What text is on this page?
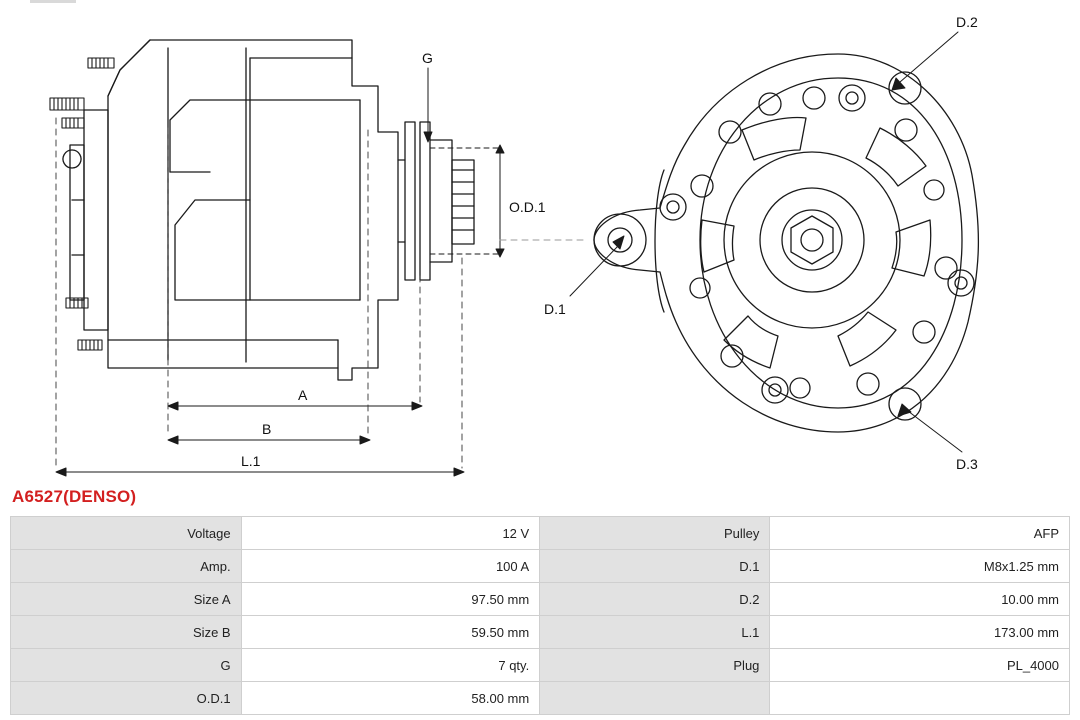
G
O.D.1
A
B
L.1
D.1
D.2
D.3
A6527(DENSO)
Voltage	12 V	Pulley	AFP
Amp.	100 A	D.1	M8x1.25 mm
Size A	97.50 mm	D.2	10.00 mm
Size B	59.50 mm	L.1	173.00 mm
G	7 qty.	Plug	PL_4000
O.D.1	58.00 mm		
